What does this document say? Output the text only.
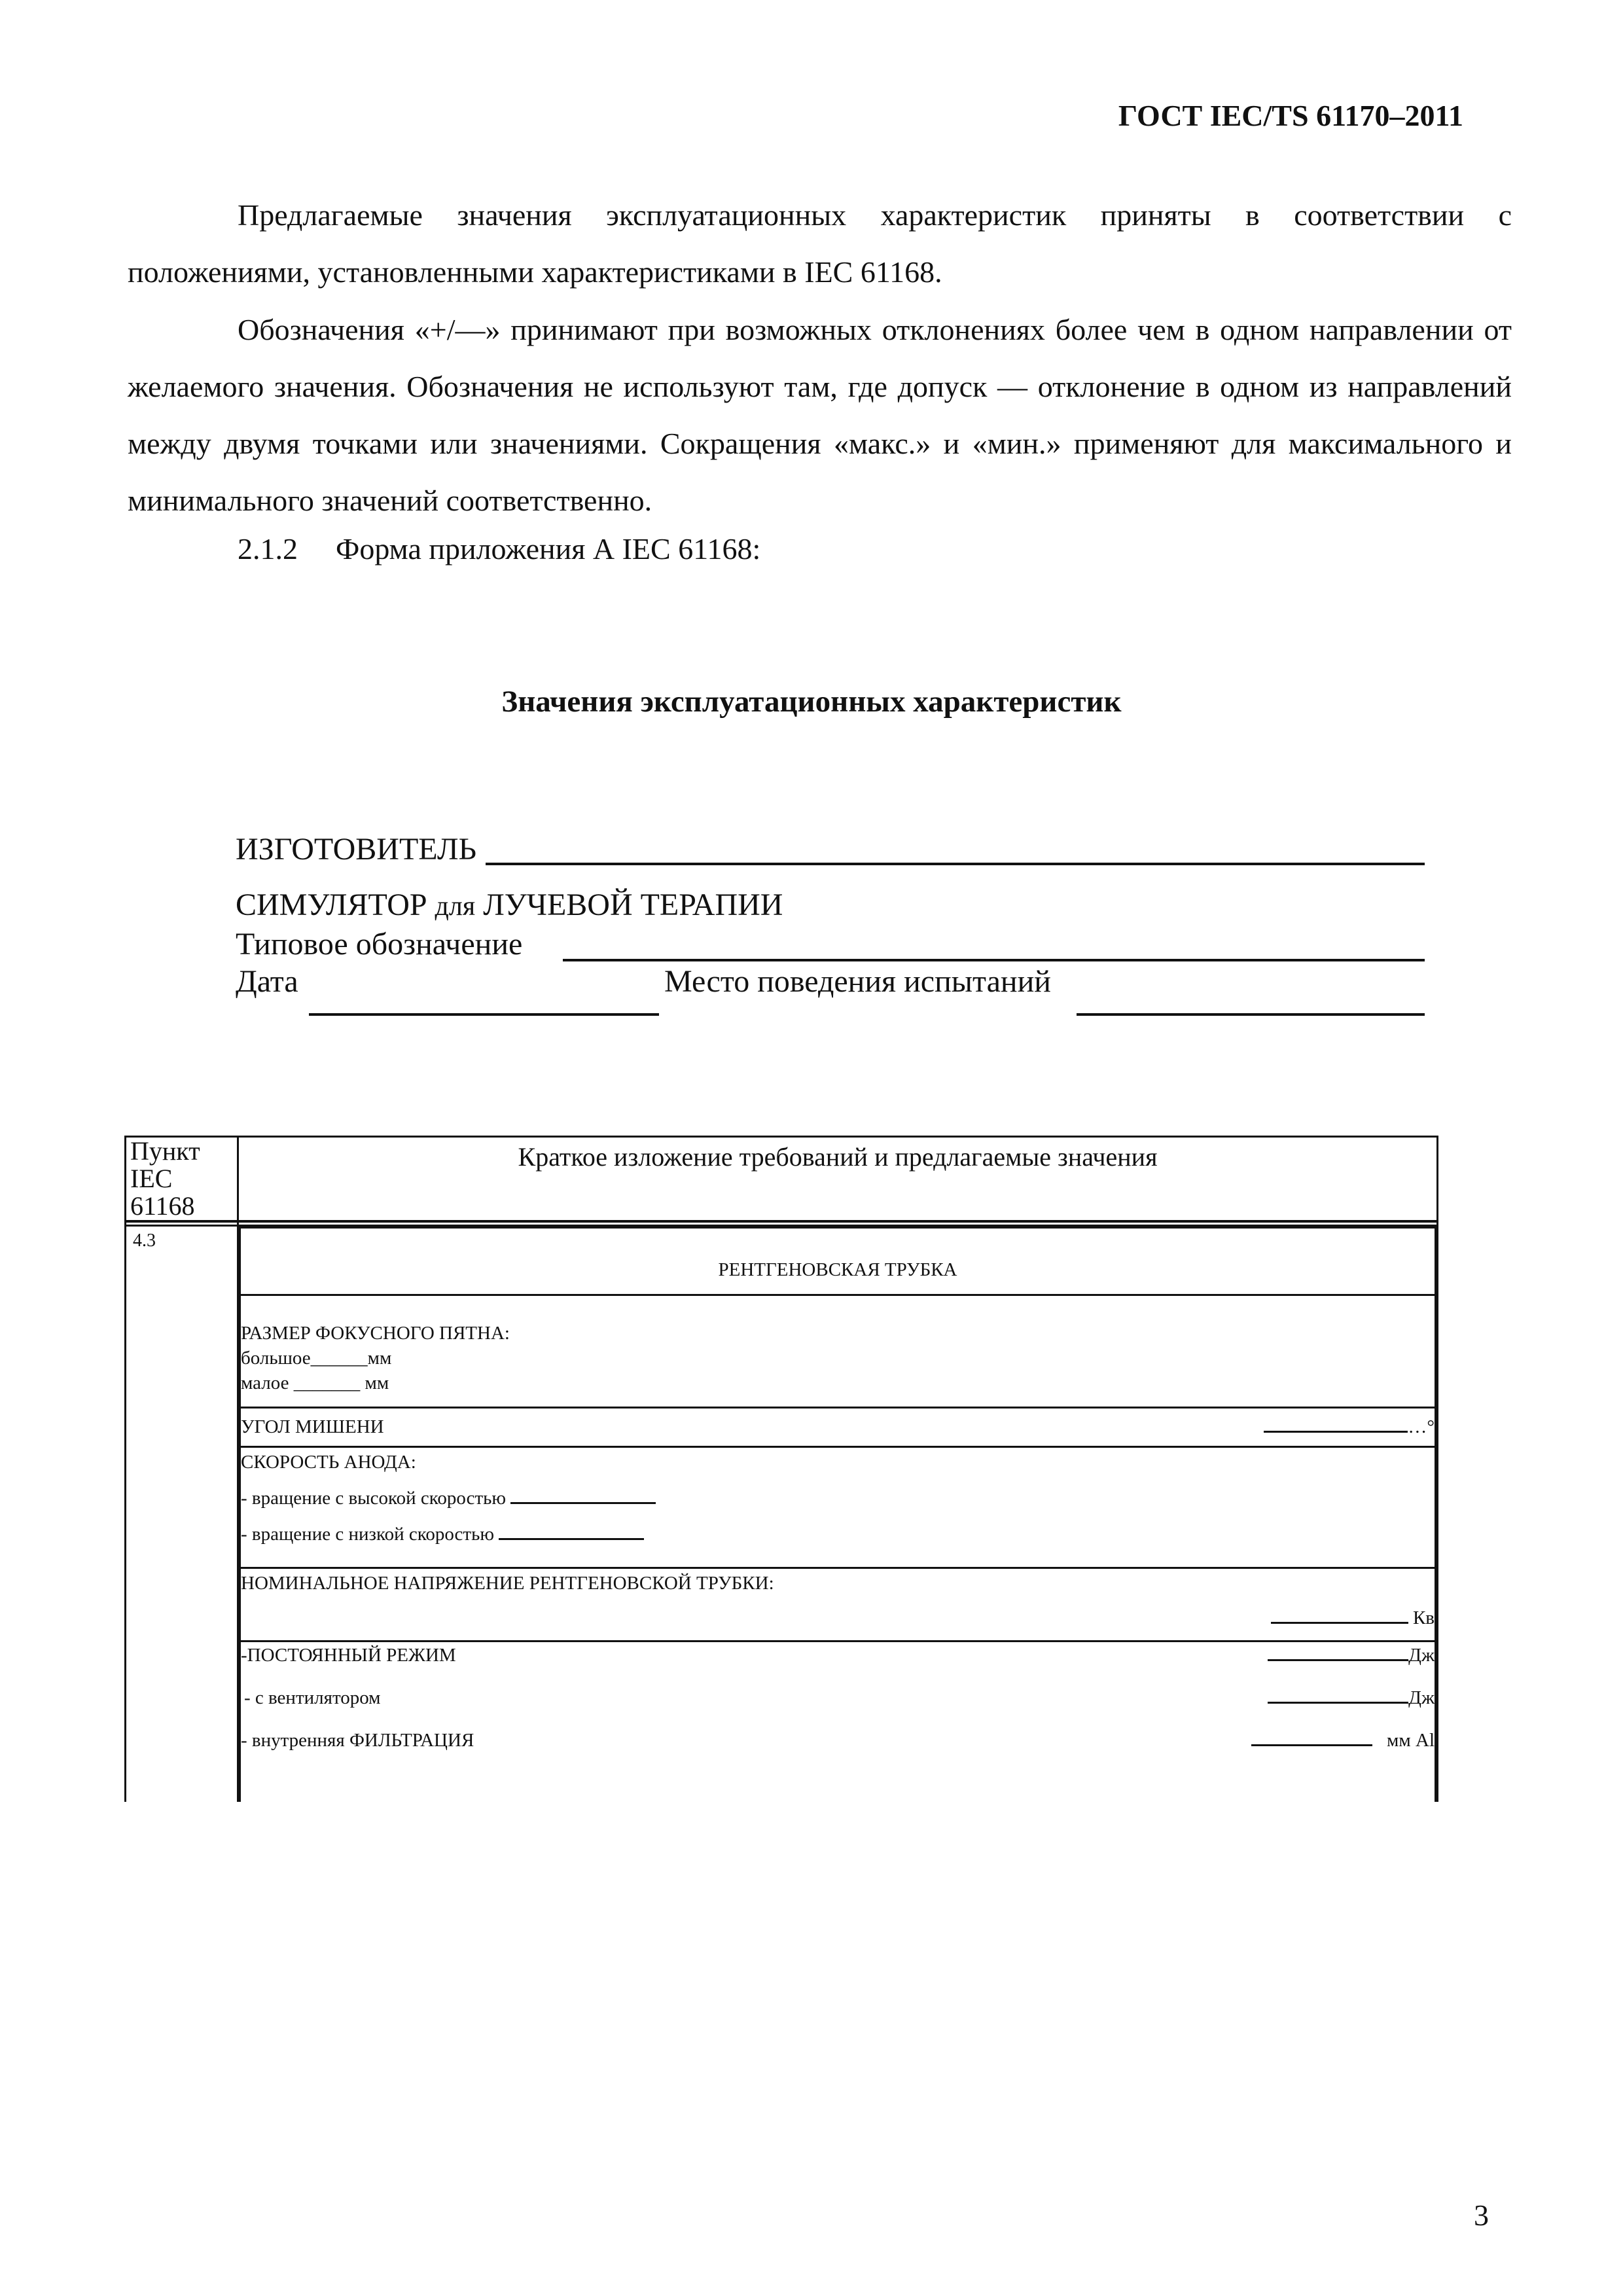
ГОСТ IEC/TS 61170–2011

Предлагаемые значения эксплуатационных характеристик приняты в соответствии с положениями, установленными характеристиками в IEC 61168.

Обозначения «+/—» принимают при возможных отклонениях более чем в одном направлении от желаемого значения. Обозначения не используют там, где допуск — отклонение в одном из направлений между двумя точками или значениями. Сокращения «макс.» и «мин.» применяют для максимального и минимального значений соответственно.

2.1.2 Форма приложения А IEC 61168:
Значения эксплуатационных характеристик
ИЗГОТОВИТЕЛЬ
СИМУЛЯТОР для ЛУЧЕВОЙ ТЕРАПИИ
Типовое обозначение
Дата	Место поведения испытаний
Пункт
IEC
61168
	Краткое изложение требований и предлагаемые значения

4.3	
РЕНТГЕНОВСКАЯ ТРУБКА

РАЗМЕР ФОКУСНОГО ПЯТНА:
большое______мм
малое _______ мм

УГОЛ МИШЕНИ	…°

СКОРОСТЬ АНОДА:
- вращение с высокой скоростью
- вращение с низкой скоростью

НОМИНАЛЬНОЕ НАПРЯЖЕНИЕ РЕНТГЕНОВСКОЙ ТРУБКИ:
Кв

-ПОСТОЯННЫЙ РЕЖИМ	Дж
- с вентилятором	Дж
- внутренняя ФИЛЬТРАЦИЯ	мм Al
3
